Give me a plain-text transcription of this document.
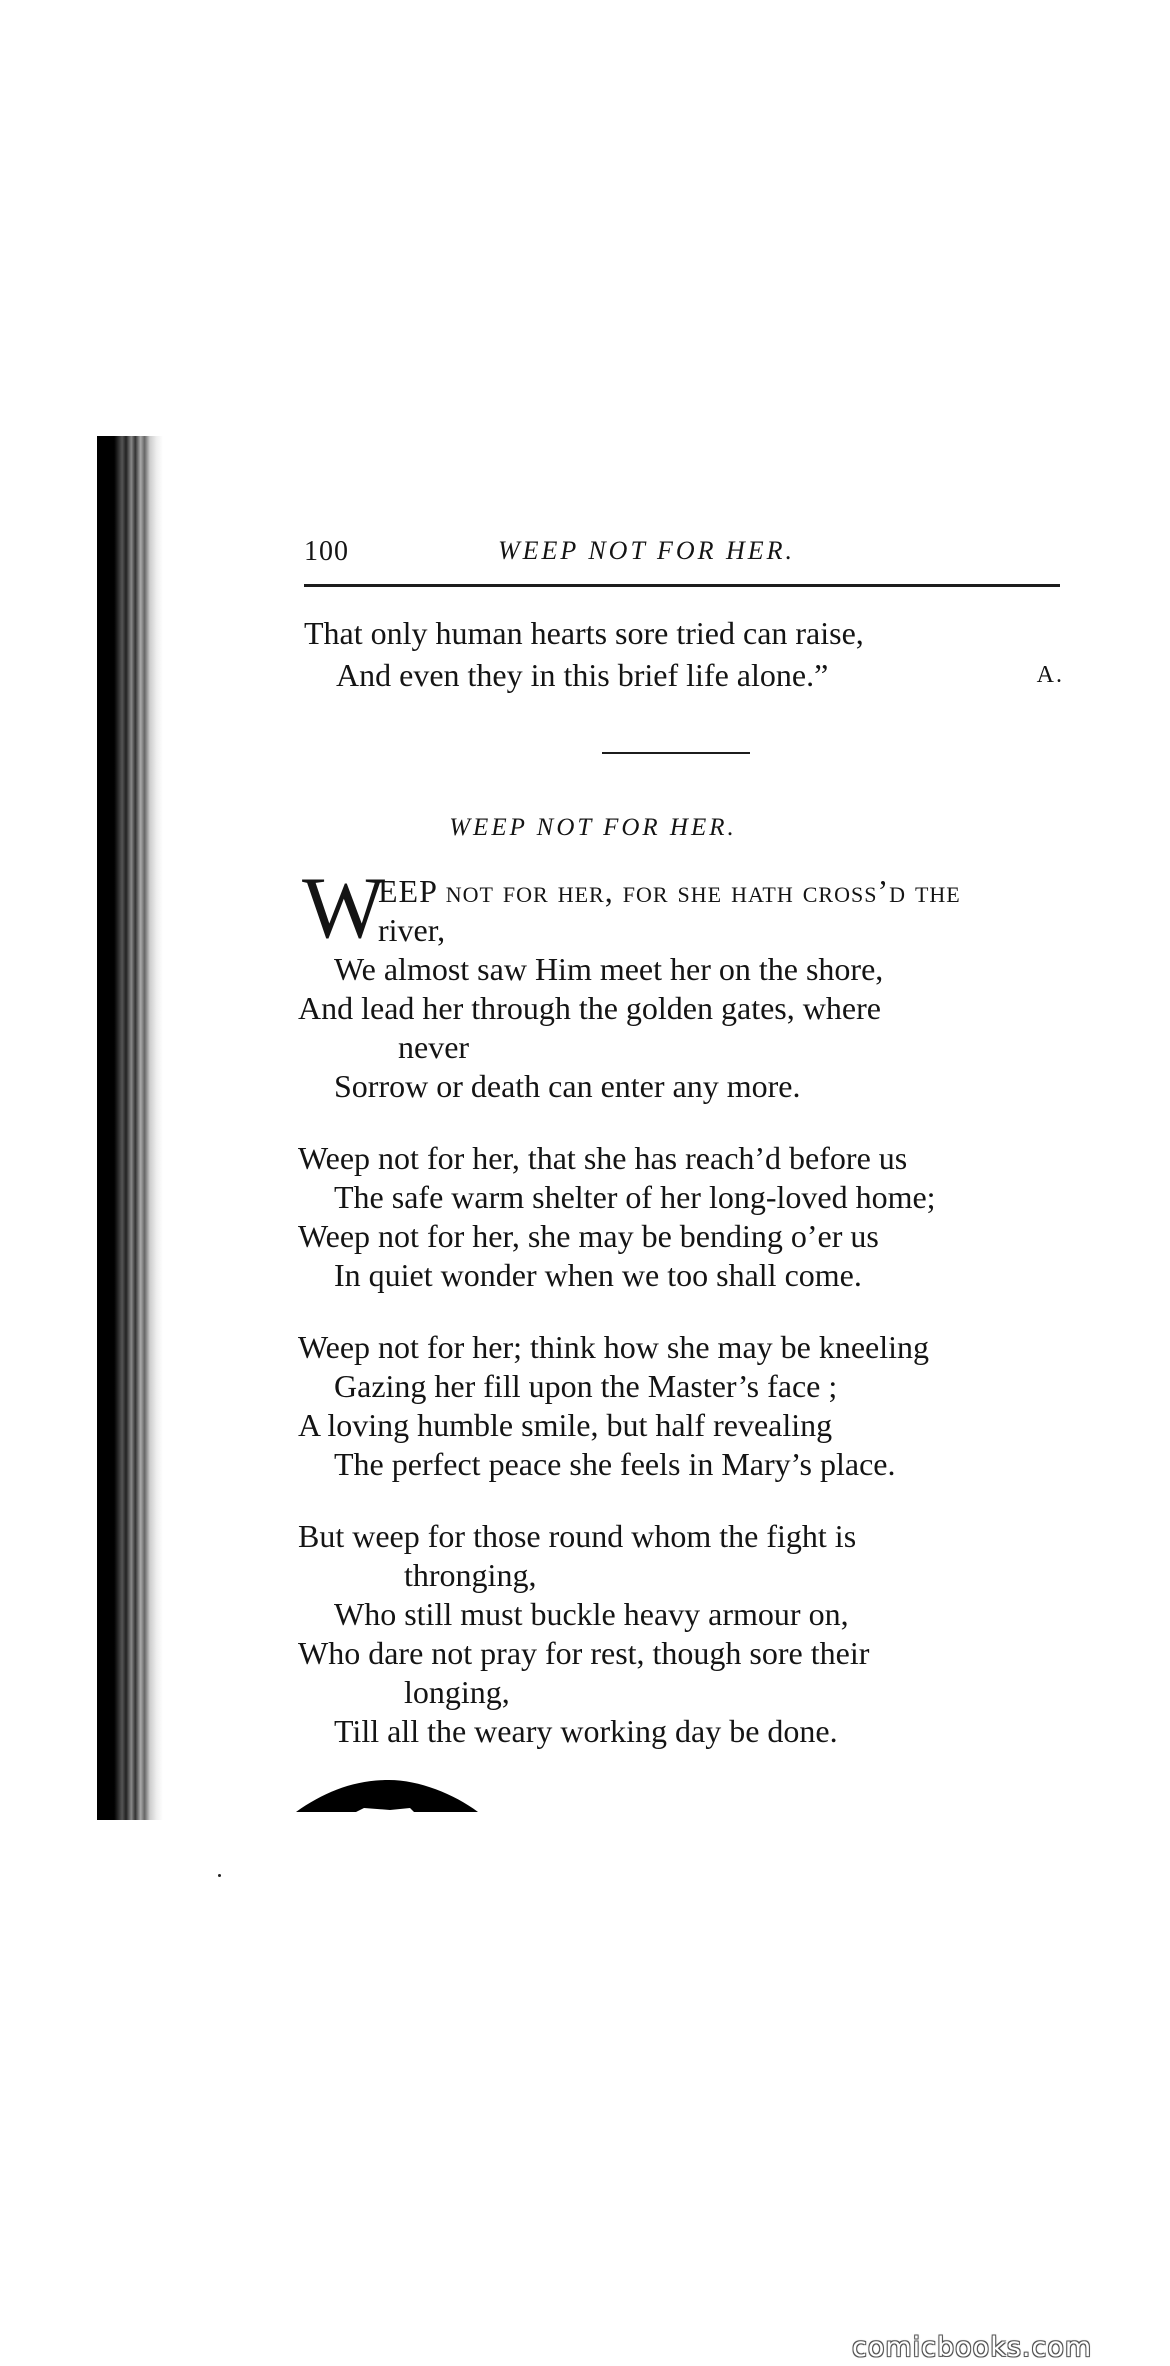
100	WEEP NOT FOR HER.
That only human hearts sore tried can raise,
And even they in this brief life alone.”	A.
WEEP NOT FOR HER.
W
EEP not for her, for she hath cross’d the
river,
We almost saw Him meet her on the shore,
And lead her through the golden gates, where
never
Sorrow or death can enter any more.
Weep not for her, that she has reach’d before us
The safe warm shelter of her long-loved home;
Weep not for her, she may be bending o’er us
In quiet wonder when we too shall come.
Weep not for her; think how she may be kneeling
Gazing her fill upon the Master’s face ;
A loving humble smile, but half revealing
The perfect peace she feels in Mary’s place.
But weep for those round whom the fight is
thronging,
Who still must buckle heavy armour on,
Who dare not pray for rest, though sore their
longing,
Till all the weary working day be done.
comicbooks.com
